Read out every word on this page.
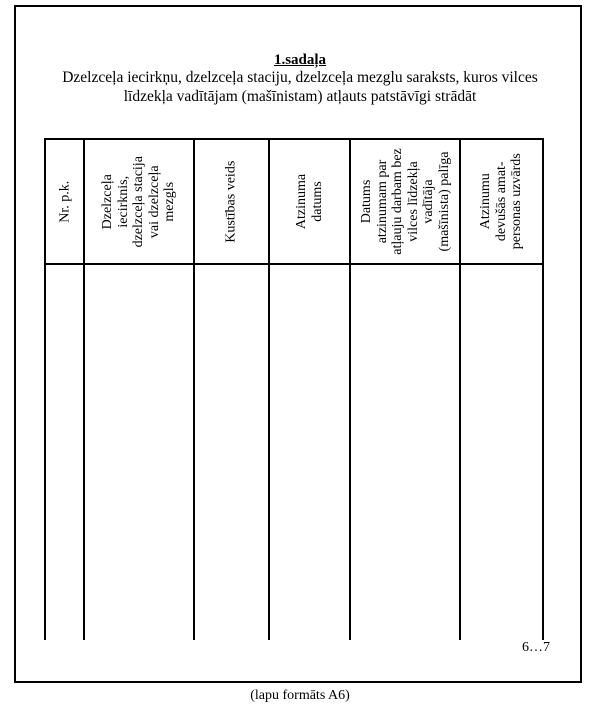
1.sadaļa
Dzelzceļa iecirkņu, dzelzceļa staciju, dzelzceļa mezglu saraksts, kuros vilces
līdzekļa vadītājam (mašīnistam) atļauts patstāvīgi strādāt
Nr. p.k. Dzelzceļa iecirknis, dzelzceļa stacija vai dzelzceļa mezgls	Kustības veids	Atzinuma datums Datums atzinumam par atļauju darbam bez vilces līdzekļa vadītāja (mašīnista) palīga Atzinumu devušās amat- personas uzvārds
6…7
(lapu formāts A6)
